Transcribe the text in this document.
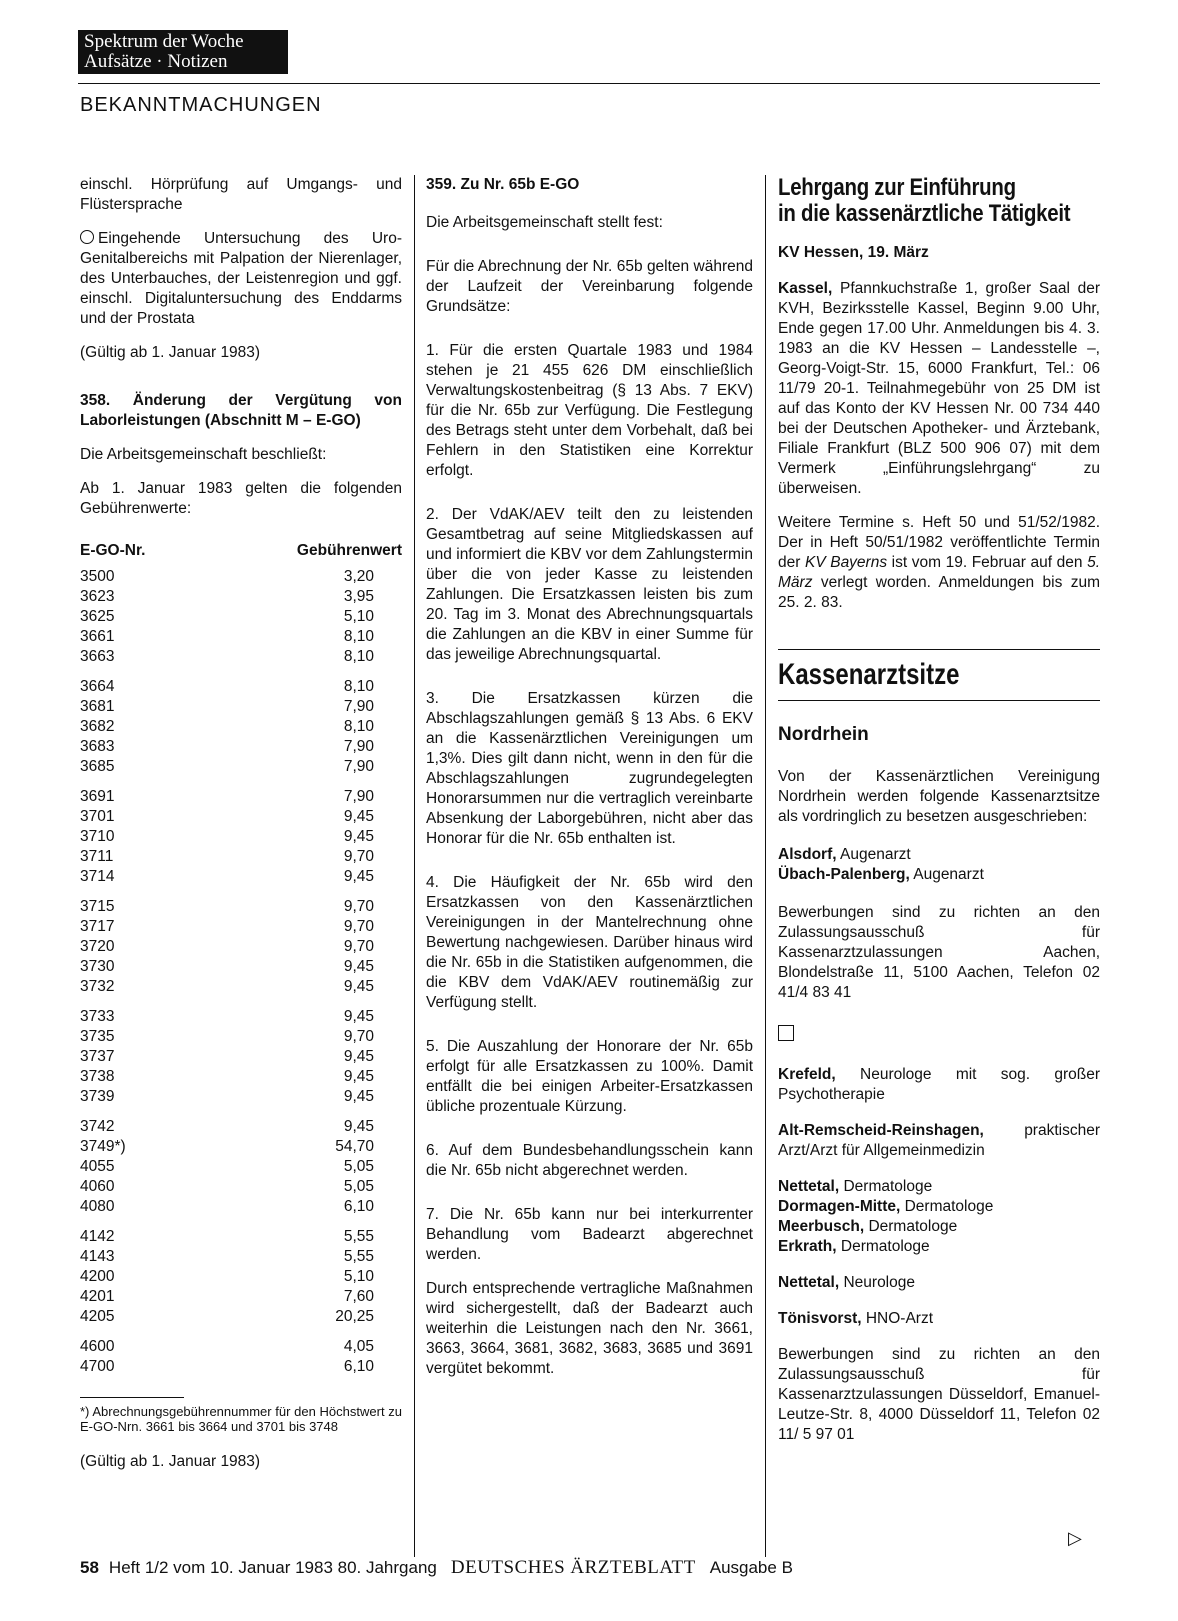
Spektrum der Woche
Aufsätze · Notizen
BEKANNTMACHUNGEN

einschl. Hörprüfung auf Umgangs- und Flüstersprache

Eingehende Untersuchung des Uro-Genitalbereichs mit Palpation der Nierenlager, des Unterbauches, der Leistenregion und ggf. einschl. Digitaluntersuchung des Enddarms und der Prostata

(Gültig ab 1. Januar 1983)

358. Änderung der Vergütung von Laborleistungen (Abschnitt M – E-GO)

Die Arbeitsgemeinschaft beschließt:

Ab 1. Januar 1983 gelten die folgenden Gebührenwerte:

E-GO-Nr.	Gebührenwert
3500	3,20
3623	3,95
3625	5,10
3661	8,10
3663	8,10
3664	8,10
3681	7,90
3682	8,10
3683	7,90
3685	7,90
3691	7,90
3701	9,45
3710	9,45
3711	9,70
3714	9,45
3715	9,70
3717	9,70
3720	9,70
3730	9,45
3732	9,45
3733	9,45
3735	9,70
3737	9,45
3738	9,45
3739	9,45
3742	9,45
3749*)	54,70
4055	5,05
4060	5,05
4080	6,10
4142	5,55
4143	5,55
4200	5,10
4201	7,60
4205	20,25
4600	4,05
4700	6,10
*) Abrechnungsgebührennummer für den Höchstwert zu E-GO-Nrn. 3661 bis 3664 und 3701 bis 3748

(Gültig ab 1. Januar 1983)

359. Zu Nr. 65b E-GO

Die Arbeitsgemeinschaft stellt fest:

Für die Abrechnung der Nr. 65b gelten während der Laufzeit der Vereinbarung folgende Grundsätze:

1. Für die ersten Quartale 1983 und 1984 stehen je 21 455 626 DM einschließlich Verwaltungskostenbeitrag (§ 13 Abs. 7 EKV) für die Nr. 65b zur Verfügung. Die Festlegung des Betrags steht unter dem Vorbehalt, daß bei Fehlern in den Statistiken eine Korrektur erfolgt.

2. Der VdAK/AEV teilt den zu leistenden Gesamtbetrag auf seine Mitgliedskassen auf und informiert die KBV vor dem Zahlungstermin über die von jeder Kasse zu leistenden Zahlungen. Die Ersatzkassen leisten bis zum 20. Tag im 3. Monat des Abrechnungsquartals die Zahlungen an die KBV in einer Summe für das jeweilige Abrechnungsquartal.

3. Die Ersatzkassen kürzen die Abschlagszahlungen gemäß § 13 Abs. 6 EKV an die Kassenärztlichen Vereinigungen um 1,3%. Dies gilt dann nicht, wenn in den für die Abschlagszahlungen zugrundegelegten Honorarsummen nur die vertraglich vereinbarte Absenkung der Laborgebühren, nicht aber das Honorar für die Nr. 65b enthalten ist.

4. Die Häufigkeit der Nr. 65b wird den Ersatzkassen von den Kassenärztlichen Vereinigungen in der Mantelrechnung ohne Bewertung nachgewiesen. Darüber hinaus wird die Nr. 65b in die Statistiken aufgenommen, die die KBV dem VdAK/AEV routinemäßig zur Verfügung stellt.

5. Die Auszahlung der Honorare der Nr. 65b erfolgt für alle Ersatzkassen zu 100%. Damit entfällt die bei einigen Arbeiter-Ersatzkassen übliche prozentuale Kürzung.

6. Auf dem Bundesbehandlungsschein kann die Nr. 65b nicht abgerechnet werden.

7. Die Nr. 65b kann nur bei interkurrenter Behandlung vom Badearzt abgerechnet werden.

Durch entsprechende vertragliche Maßnahmen wird sichergestellt, daß der Badearzt auch weiterhin die Leistungen nach den Nr. 3661, 3663, 3664, 3681, 3682, 3683, 3685 und 3691 vergütet bekommt.

Lehrgang zur Einführung
in die kassenärztliche Tätigkeit

KV Hessen, 19. März

Kassel, Pfannkuchstraße 1, großer Saal der KVH, Bezirksstelle Kassel, Beginn 9.00 Uhr, Ende gegen 17.00 Uhr. Anmeldungen bis 4. 3. 1983 an die KV Hessen – Landesstelle –, Georg-Voigt-Str. 15, 6000 Frankfurt, Tel.: 06 11/79 20-1. Teilnahmegebühr von 25 DM ist auf das Konto der KV Hessen Nr. 00 734 440 bei der Deutschen Apotheker- und Ärztebank, Filiale Frankfurt (BLZ 500 906 07) mit dem Vermerk „Einführungslehrgang“ zu überweisen.

Weitere Termine s. Heft 50 und 51/52/1982. Der in Heft 50/51/1982 veröffentlichte Termin der KV Bayerns ist vom 19. Februar auf den 5. März verlegt worden. Anmeldungen bis zum 25. 2. 83.

Kassenarztsitze
Nordrhein

Von der Kassenärztlichen Vereinigung Nordrhein werden folgende Kassenarztsitze als vordringlich zu besetzen ausgeschrieben:

Alsdorf, Augenarzt
Übach-Palenberg, Augenarzt

Bewerbungen sind zu richten an den Zulassungsausschuß für Kassenarztzulassungen Aachen, Blondelstraße 11, 5100 Aachen, Telefon 02 41/4 83 41

Krefeld, Neurologe mit sog. großer Psychotherapie

Alt-Remscheid-Reinshagen,	praktischer Arzt/Arzt für Allgemeinmedizin

Nettetal, Dermatologe
Dormagen-Mitte, Dermatologe
Meerbusch, Dermatologe
Erkrath, Dermatologe

Nettetal, Neurologe

Tönisvorst, HNO-Arzt

Bewerbungen sind zu richten an den Zulassungsausschuß für Kassenarztzulassungen Düsseldorf, Emanuel-Leutze-Str. 8, 4000 Düsseldorf 11, Telefon 02 11/ 5 97 01

▷
58 Heft 1/2 vom 10. Januar 1983 80. Jahrgang DEUTSCHES ÄRZTEBLATT Ausgabe B
